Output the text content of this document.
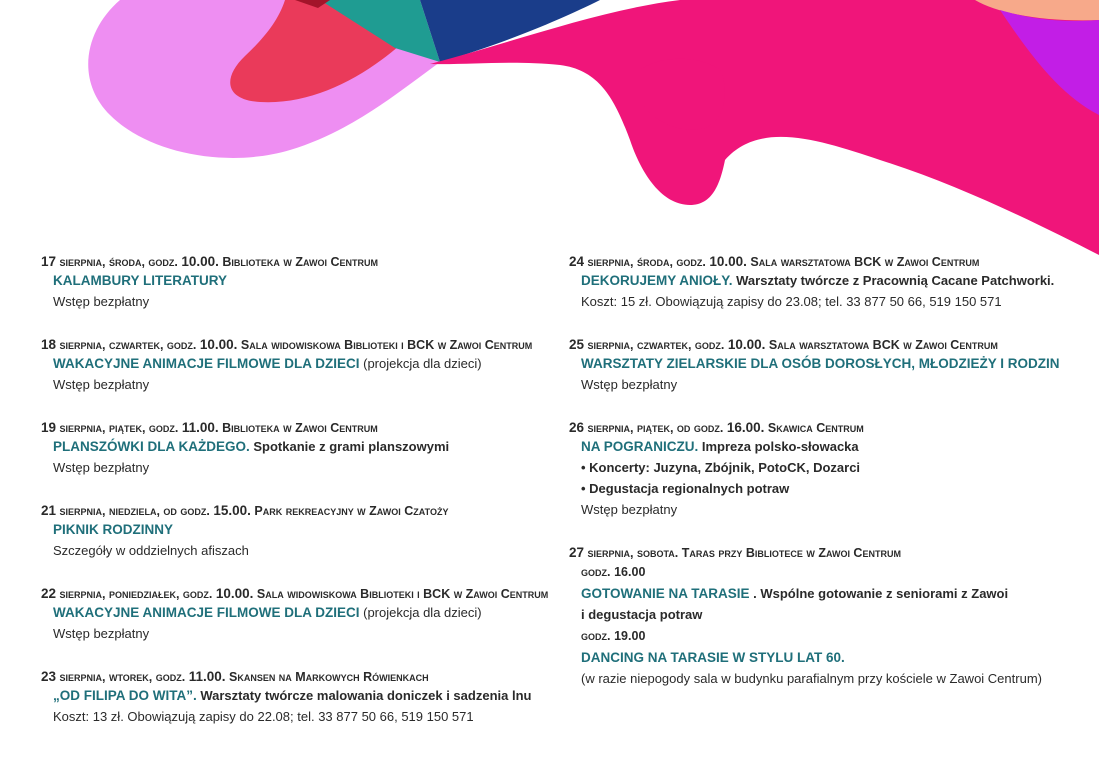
17 sierpnia, środa, godz. 10.00. Biblioteka w Zawoi Centrum
KALAMBURY LITERATURY
Wstęp bezpłatny
18 sierpnia, czwartek, godz. 10.00. Sala widowiskowa Biblioteki i BCK w Zawoi Centrum
WAKACYJNE ANIMACJE FILMOWE DLA DZIECI (projekcja dla dzieci)
Wstęp bezpłatny
19 sierpnia, piątek, godz. 11.00. Biblioteka w Zawoi Centrum
PLANSZÓWKI DLA KAŻDEGO. Spotkanie z grami planszowymi
Wstęp bezpłatny
21 sierpnia, niedziela, od godz. 15.00. Park rekreacyjny w Zawoi Czatoży
PIKNIK RODZINNY
Szczegóły w oddzielnych afiszach
22 sierpnia, poniedziałek, godz. 10.00. Sala widowiskowa Biblioteki i BCK w Zawoi Centrum
WAKACYJNE ANIMACJE FILMOWE DLA DZIECI (projekcja dla dzieci)
Wstęp bezpłatny
23 sierpnia, wtorek, godz. 11.00. Skansen na Markowych Rówienkach
„OD FILIPA DO WITA”. Warsztaty twórcze malowania doniczek i sadzenia lnu
Koszt: 13 zł. Obowiązują zapisy do 22.08; tel. 33 877 50 66, 519 150 571
24 sierpnia, środa, godz. 10.00. Sala warsztatowa BCK w Zawoi Centrum
DEKORUJEMY ANIOŁY. Warsztaty twórcze z Pracownią Cacane Patchworki.
Koszt: 15 zł. Obowiązują zapisy do 23.08; tel. 33 877 50 66, 519 150 571
25 sierpnia, czwartek, godz. 10.00. Sala warsztatowa BCK w Zawoi Centrum
WARSZTATY ZIELARSKIE DLA OSÓB DOROSŁYCH, MŁODZIEŻY I RODZIN
Wstęp bezpłatny
26 sierpnia, piątek, od godz. 16.00. Skawica Centrum
NA POGRANICZU. Impreza polsko-słowacka
• Koncerty: Juzyna, Zbójnik, PotoCK, Dozarci
• Degustacja regionalnych potraw
Wstęp bezpłatny
27 sierpnia, sobota. Taras przy Bibliotece w Zawoi Centrum
godz. 16.00
GOTOWANIE NA TARASIE . Wspólne gotowanie z seniorami z Zawoi
i degustacja potraw
godz. 19.00
DANCING NA TARASIE W STYLU LAT 60.
(w razie niepogody sala w budynku parafialnym przy kościele w Zawoi Centrum)
